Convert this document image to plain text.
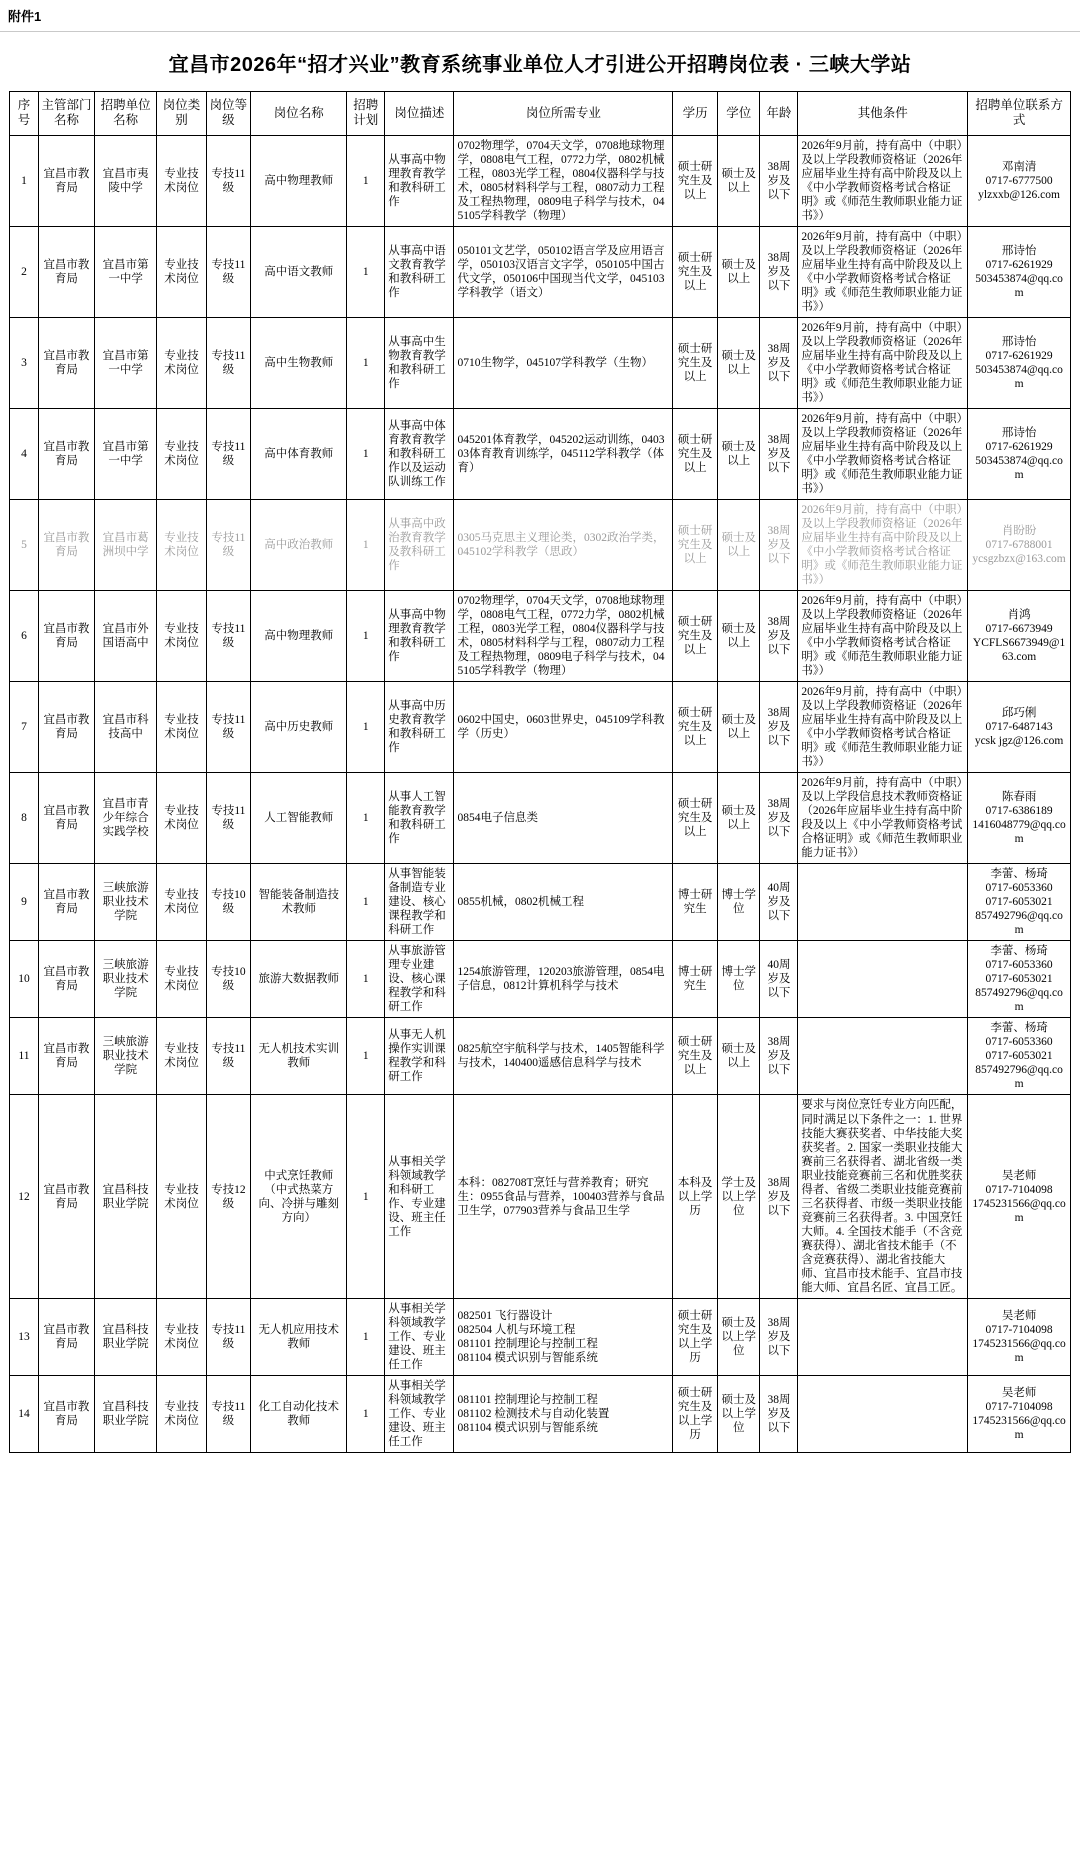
附件1
宜昌市2026年“招才兴业”教育系统事业单位人才引进公开招聘岗位表 · 三峡大学站
序号	主管部门名称	招聘单位名称	岗位类别	岗位等级	岗位名称	招聘计划	岗位描述	岗位所需专业	学历	学位	年龄	其他条件	招聘单位联系方式
1	宜昌市教育局	宜昌市夷陵中学	专业技术岗位	专技11级	高中物理教师	1	从事高中物理教育教学和教科研工作	0702物理学，0704天文学，0708地球物理学，0808电气工程，0772力学，0802机械工程，0803光学工程，0804仪器科学与技术，0805材料科学与工程，0807动力工程及工程热物理，0809电子科学与技术，045105学科教学（物理）	硕士研究生及以上	硕士及以上	38周岁及以下	2026年9月前，持有高中（中职）及以上学段教师资格证（2026年应届毕业生持有高中阶段及以上《中小学教师资格考试合格证明》或《师范生教师职业能力证书》）	邓南清
0717-6777500
ylzxxb@126.com
2	宜昌市教育局	宜昌市第一中学	专业技术岗位	专技11级	高中语文教师	1	从事高中语文教育教学和教科研工作	050101文艺学，050102语言学及应用语言学，050103汉语言文字学，050105中国古代文学，050106中国现当代文学，045103学科教学（语文）	硕士研究生及以上	硕士及以上	38周岁及以下	2026年9月前，持有高中（中职）及以上学段教师资格证（2026年应届毕业生持有高中阶段及以上《中小学教师资格考试合格证明》或《师范生教师职业能力证书》）	邢诗怡
0717-6261929
503453874@qq.com
3	宜昌市教育局	宜昌市第一中学	专业技术岗位	专技11级	高中生物教师	1	从事高中生物教育教学和教科研工作	0710生物学，045107学科教学（生物）	硕士研究生及以上	硕士及以上	38周岁及以下	2026年9月前，持有高中（中职）及以上学段教师资格证（2026年应届毕业生持有高中阶段及以上《中小学教师资格考试合格证明》或《师范生教师职业能力证书》）	邢诗怡
0717-6261929
503453874@qq.com
4	宜昌市教育局	宜昌市第一中学	专业技术岗位	专技11级	高中体育教师	1	从事高中体育教育教学和教科研工作以及运动队训练工作	045201体育教学，045202运动训练，040303体育教育训练学，045112学科教学（体育）	硕士研究生及以上	硕士及以上	38周岁及以下	2026年9月前，持有高中（中职）及以上学段教师资格证（2026年应届毕业生持有高中阶段及以上《中小学教师资格考试合格证明》或《师范生教师职业能力证书》）	邢诗怡
0717-6261929
503453874@qq.com
5	宜昌市教育局	宜昌市葛洲坝中学	专业技术岗位	专技11级	高中政治教师	1	从事高中政治教育教学及教科研工作	0305马克思主义理论类，0302政治学类，045102学科教学（思政）	硕士研究生及以上	硕士及以上	38周岁及以下	2026年9月前，持有高中（中职）及以上学段教师资格证（2026年应届毕业生持有高中阶段及以上《中小学教师资格考试合格证明》或《师范生教师职业能力证书》）	肖盼盼
0717-6788001
ycsgzbzx@163.com
6	宜昌市教育局	宜昌市外国语高中	专业技术岗位	专技11级	高中物理教师	1	从事高中物理教育教学和教科研工作	0702物理学，0704天文学，0708地球物理学，0808电气工程，0772力学，0802机械工程，0803光学工程，0804仪器科学与技术，0805材料科学与工程，0807动力工程及工程热物理，0809电子科学与技术，045105学科教学（物理）	硕士研究生及以上	硕士及以上	38周岁及以下	2026年9月前，持有高中（中职）及以上学段教师资格证（2026年应届毕业生持有高中阶段及以上《中小学教师资格考试合格证明》或《师范生教师职业能力证书》）	肖鸿
0717-6673949
YCFLS6673949@163.com
7	宜昌市教育局	宜昌市科技高中	专业技术岗位	专技11级	高中历史教师	1	从事高中历史教育教学和教科研工作	0602中国史，0603世界史，045109学科教学（历史）	硕士研究生及以上	硕士及以上	38周岁及以下	2026年9月前，持有高中（中职）及以上学段教师资格证（2026年应届毕业生持有高中阶段及以上《中小学教师资格考试合格证明》或《师范生教师职业能力证书》）	邱巧俐
0717-6487143
ycsk jgz@126.com
8	宜昌市教育局	宜昌市青少年综合实践学校	专业技术岗位	专技11级	人工智能教师	1	从事人工智能教育教学和教科研工作	0854电子信息类	硕士研究生及以上	硕士及以上	38周岁及以下	2026年9月前，持有高中（中职）及以上学段信息技术教师资格证（2026年应届毕业生持有高中阶段及以上《中小学教师资格考试合格证明》或《师范生教师职业能力证书》）	陈春雨
0717-6386189
1416048779@qq.com
9	宜昌市教育局	三峡旅游职业技术学院	专业技术岗位	专技10级	智能装备制造技术教师	1	从事智能装备制造专业建设、核心课程教学和科研工作	0855机械，0802机械工程	博士研究生	博士学位	40周岁及以下		李蕾、杨琦
0717-6053360
0717-6053021
857492796@qq.com
10	宜昌市教育局	三峡旅游职业技术学院	专业技术岗位	专技10级	旅游大数据教师	1	从事旅游管理专业建设、核心课程教学和科研工作	1254旅游管理，120203旅游管理，0854电子信息，0812计算机科学与技术	博士研究生	博士学位	40周岁及以下		李蕾、杨琦
0717-6053360
0717-6053021
857492796@qq.com
11	宜昌市教育局	三峡旅游职业技术学院	专业技术岗位	专技11级	无人机技术实训教师	1	从事无人机操作实训课程教学和科研工作	0825航空宇航科学与技术，1405智能科学与技术，140400遥感信息科学与技术	硕士研究生及以上	硕士及以上	38周岁及以下		李蕾、杨琦
0717-6053360
0717-6053021
857492796@qq.com
12	宜昌市教育局	宜昌科技职业学院	专业技术岗位	专技12级	中式烹饪教师（中式热菜方向、冷拼与雕刻方向）	1	从事相关学科领域教学和科研工作、专业建设、班主任工作	本科：082708T烹饪与营养教育；研究生：0955食品与营养，100403营养与食品卫生学，077903营养与食品卫生学	本科及以上学历	学士及以上学位	38周岁及以下	要求与岗位烹饪专业方向匹配，同时满足以下条件之一：1. 世界技能大赛获奖者、中华技能大奖获奖者。2. 国家一类职业技能大赛前三名获得者、湖北省级一类职业技能竞赛前三名和优胜奖获得者、省级二类职业技能竞赛前三名获得者、市级一类职业技能竞赛前三名获得者。3. 中国烹饪大师。4. 全国技术能手（不含竞赛获得）、湖北省技术能手（不含竞赛获得）、湖北省技能大师、宜昌市技术能手、宜昌市技能大师、宜昌名匠、宜昌工匠。	吴老师
0717-7104098
1745231566@qq.com
13	宜昌市教育局	宜昌科技职业学院	专业技术岗位	专技11级	无人机应用技术教师	1	从事相关学科领域教学工作、专业建设、班主任工作	082501 飞行器设计
082504 人机与环境工程
081101 控制理论与控制工程
081104 模式识别与智能系统	硕士研究生及以上学历	硕士及以上学位	38周岁及以下		吴老师
0717-7104098
1745231566@qq.com
14	宜昌市教育局	宜昌科技职业学院	专业技术岗位	专技11级	化工自动化技术教师	1	从事相关学科领域教学工作、专业建设、班主任工作	081101 控制理论与控制工程
081102 检测技术与自动化装置
081104 模式识别与智能系统	硕士研究生及以上学历	硕士及以上学位	38周岁及以下		吴老师
0717-7104098
1745231566@qq.com
